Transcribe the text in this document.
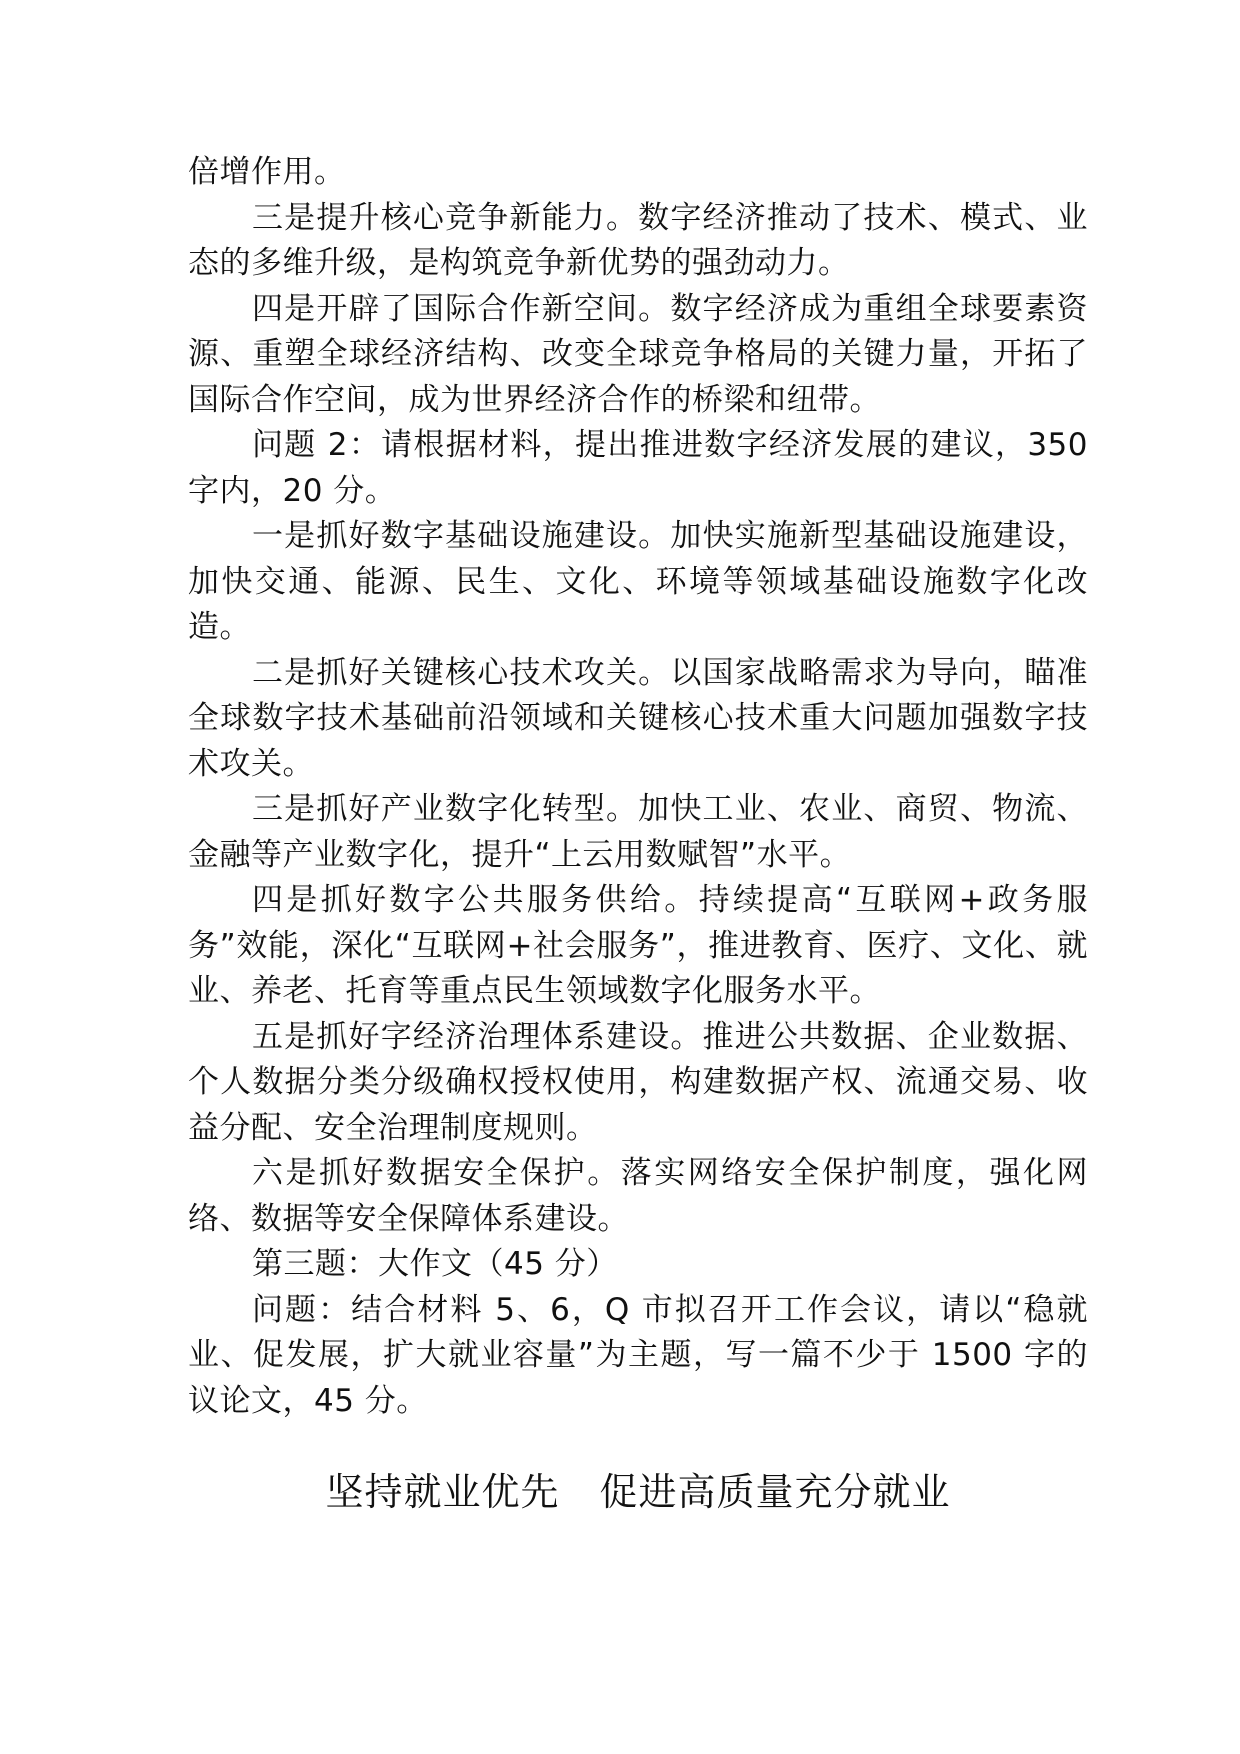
倍增作用。

三是提升核心竞争新能力。数字经济推动了技术、模式、业态的多维升级，是构筑竞争新优势的强劲动力。

四是开辟了国际合作新空间。数字经济成为重组全球要素资源、重塑全球经济结构、改变全球竞争格局的关键力量，开拓了国际合作空间，成为世界经济合作的桥梁和纽带。

问题 2：请根据材料，提出推进数字经济发展的建议，350 字内，20 分。

一是抓好数字基础设施建设。加快实施新型基础设施建设，加快交通、能源、民生、文化、环境等领域基础设施数字化改造。

二是抓好关键核心技术攻关。以国家战略需求为导向，瞄准全球数字技术基础前沿领域和关键核心技术重大问题加强数字技术攻关。

三是抓好产业数字化转型。加快工业、农业、商贸、物流、金融等产业数字化，提升“上云用数赋智”水平。

四是抓好数字公共服务供给。持续提高“互联网+政务服务”效能，深化“互联网+社会服务”，推进教育、医疗、文化、就业、养老、托育等重点民生领域数字化服务水平。

五是抓好字经济治理体系建设。推进公共数据、企业数据、个人数据分类分级确权授权使用，构建数据产权、流通交易、收益分配、安全治理制度规则。

六是抓好数据安全保护。落实网络安全保护制度，强化网络、数据等安全保障体系建设。

第三题：大作文（45 分）

问题：结合材料 5、6，Q 市拟召开工作会议，请以“稳就业、促发展，扩大就业容量”为主题，写一篇不少于 1500 字的议论文，45 分。

坚持就业优先 促进高质量充分就业
